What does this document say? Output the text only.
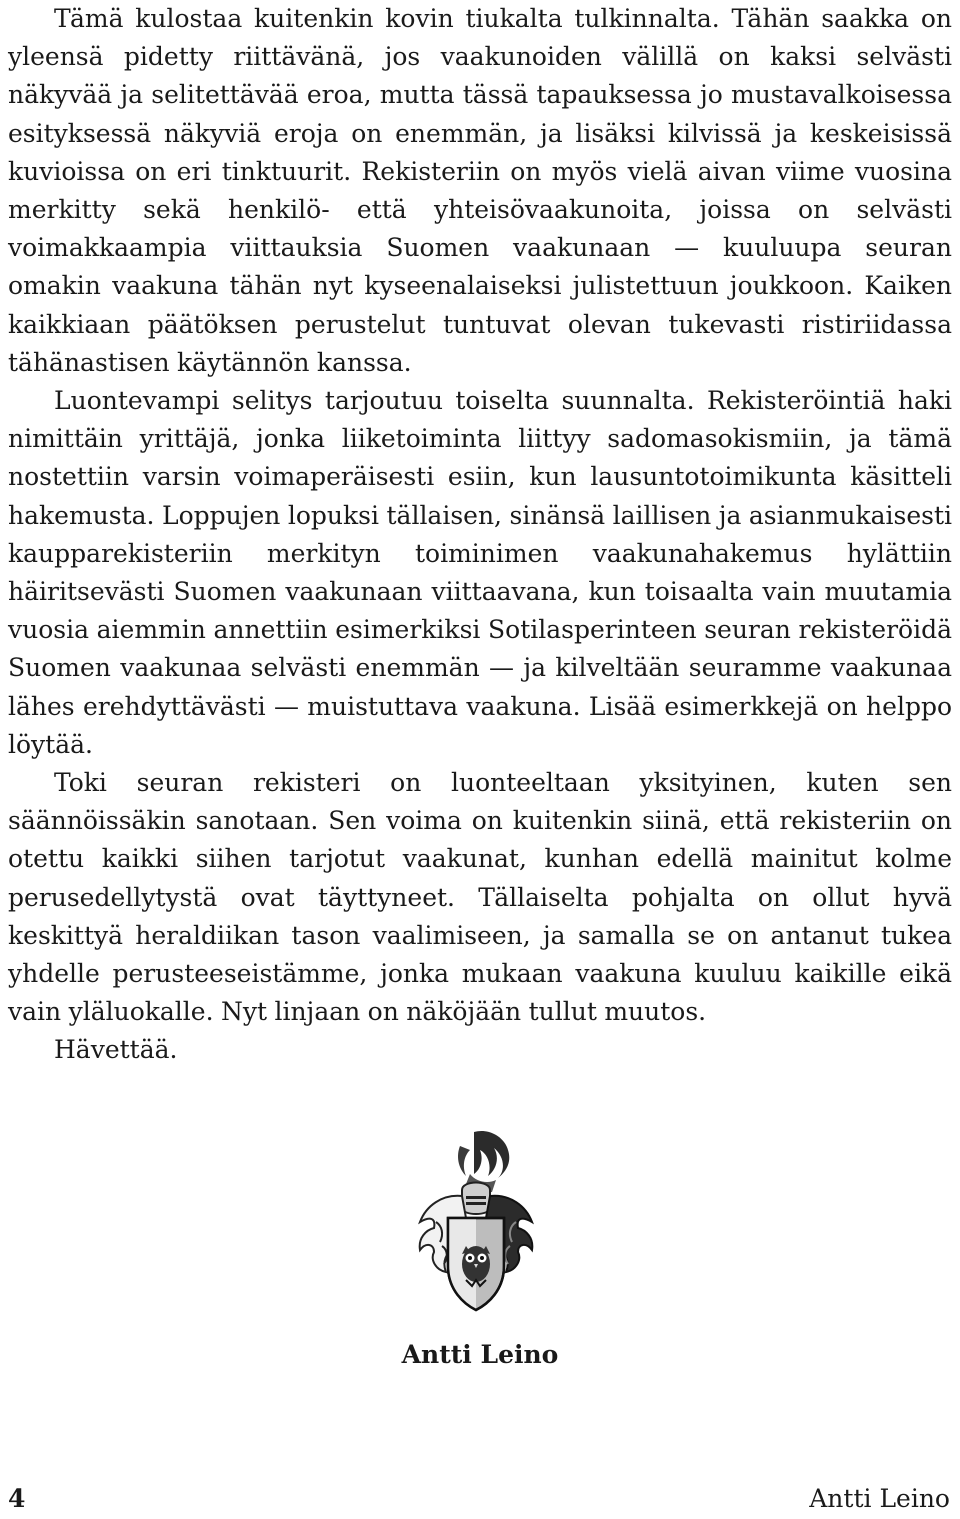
Tämä kulostaa kuitenkin kovin tiukalta tulkinnalta. Tähän saakka on yleensä pidetty riittävänä, jos vaakunoiden välillä on kaksi selvästi näkyvää ja selitettävää eroa, mutta tässä tapauksessa jo mustavalkoisessa esityksessä näkyviä eroja on enemmän, ja lisäksi kilvissä ja keskeisissä kuvioissa on eri tinktuurit. Rekisteriin on myös vielä aivan viime vuosina merkitty sekä henkilö- että yhteisövaakunoita, joissa on selvästi voimakkaampia viittauksia Suomen vaakunaan — kuuluupa seuran omakin vaakuna tähän nyt kyseenalaiseksi julistettuun joukkoon. Kaiken kaikkiaan päätöksen perustelut tuntuvat olevan tukevasti ristiriidassa tähänastisen käytännön kanssa.

Luontevampi selitys tarjoutuu toiselta suunnalta. Rekisteröintiä haki nimittäin yrittäjä, jonka liiketoiminta liittyy sadomasokismiin, ja tämä nostettiin varsin voimaperäisesti esiin, kun lausuntotoimikunta käsitteli hakemusta. Loppujen lopuksi tällaisen, sinänsä laillisen ja asianmukaisesti kaupparekisteriin merkityn toiminimen vaakunahakemus hylättiin häiritsevästi Suomen vaakunaan viittaavana, kun toisaalta vain muutamia vuosia aiemmin annettiin esimerkiksi Sotilasperinteen seuran rekisteröidä Suomen vaakunaa selvästi enemmän — ja kilveltään seuramme vaakunaa lähes erehdyttävästi — muistuttava vaakuna. Lisää esimerkkejä on helppo löytää.

Toki seuran rekisteri on luonteeltaan yksityinen, kuten sen säännöissäkin sanotaan. Sen voima on kuitenkin siinä, että rekisteriin on otettu kaikki siihen tarjotut vaakunat, kunhan edellä mainitut kolme perusedellytystä ovat täyttyneet. Tällaiselta pohjalta on ollut hyvä keskittyä heraldiikan tason vaalimiseen, ja samalla se on antanut tukea yhdelle perusteeseistämme, jonka mukaan vaakuna kuuluu kaikille eikä vain yläluokalle. Nyt linjaan on näköjään tullut muutos.

Hävettää.

Antti Leino
4	Antti Leino
